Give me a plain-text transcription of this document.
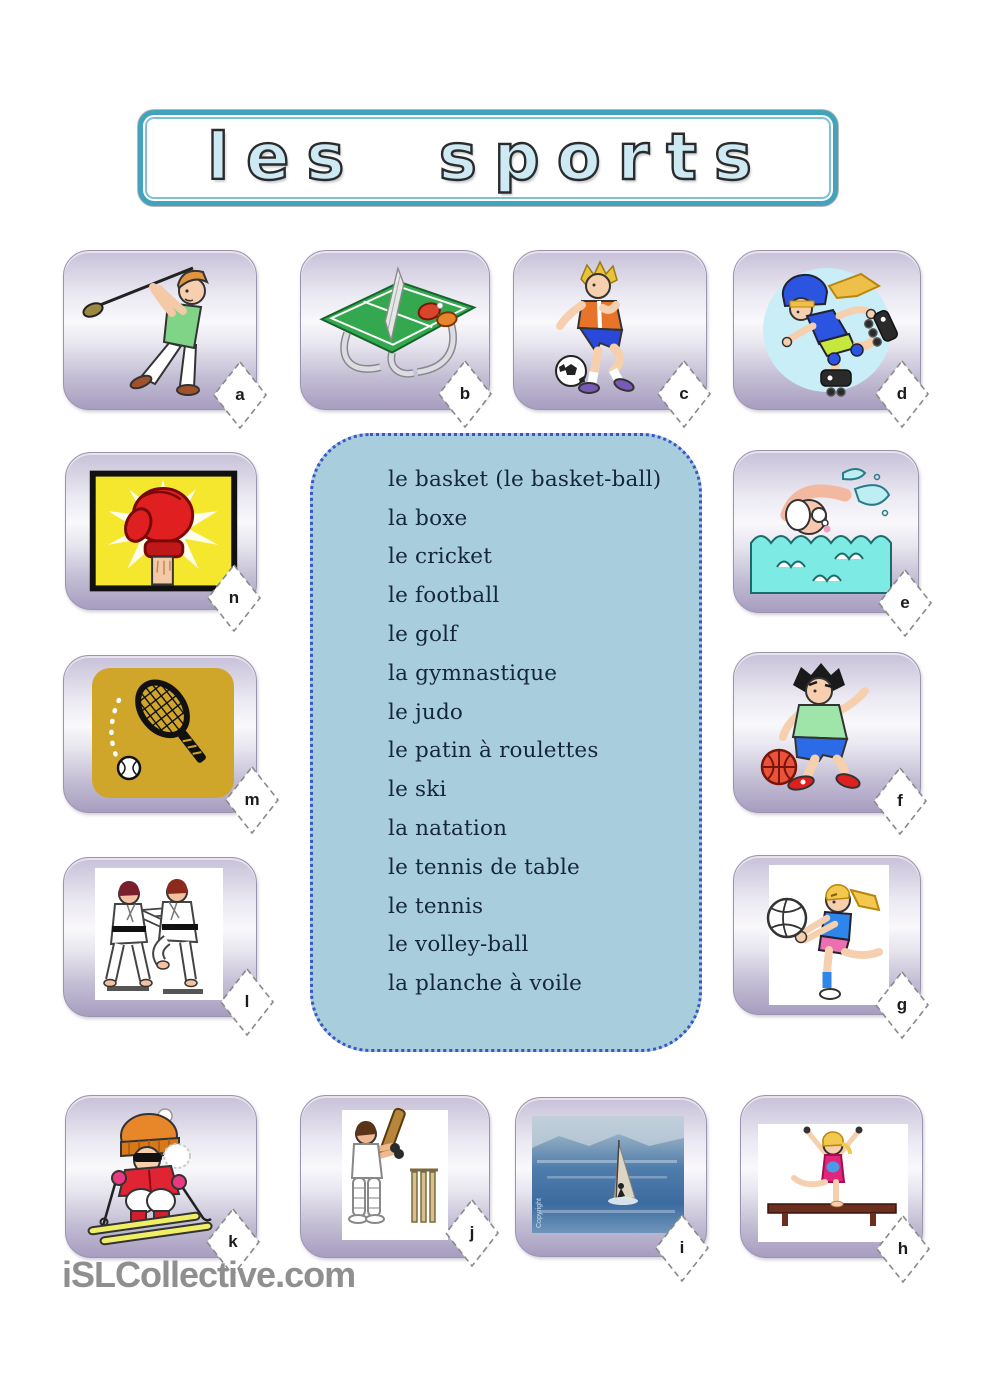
les sports
Copyright
le basket (le basket-ball)
la boxe
le cricket
le football
le golf
la gymnastique
le judo
le patin à roulettes
le ski
la natation
le tennis de table
le tennis
le volley-ball
la planche à voile
a	b	c	d
n	e
m	f
l	g
k	j
i	h
iSLCollective.com
